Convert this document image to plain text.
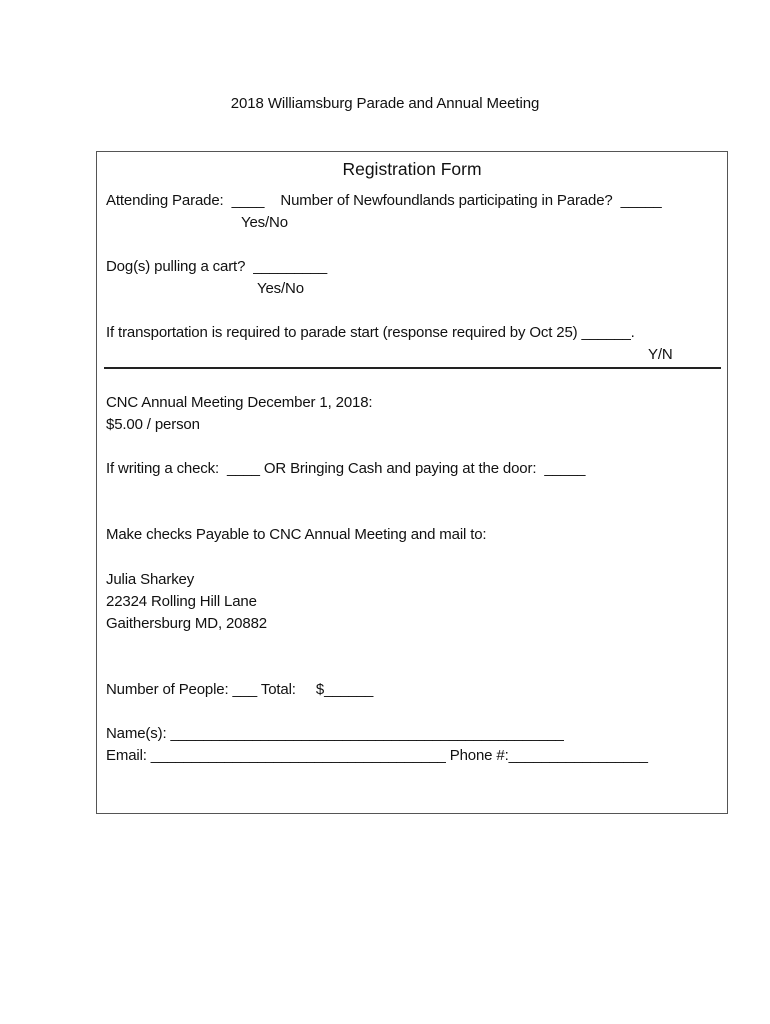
2018 Williamsburg Parade and Annual Meeting
Registration Form
Attending Parade:  ____    Number of Newfoundlands participating in Parade?  _____
Yes/No
Dog(s) pulling a cart?  _________
Yes/No
If transportation is required to parade start (response required by Oct 25) ______.
Y/N
CNC Annual Meeting December 1, 2018:
$5.00 / person
If writing a check:  ____ OR Bringing Cash and paying at the door:  _____
Make checks Payable to CNC Annual Meeting and mail to:
Julia Sharkey
22324 Rolling Hill Lane
Gaithersburg MD, 20882
Number of People: ___ Total:     $______
Name(s): ________________________________________________
Email: ____________________________________ Phone #:_________________
